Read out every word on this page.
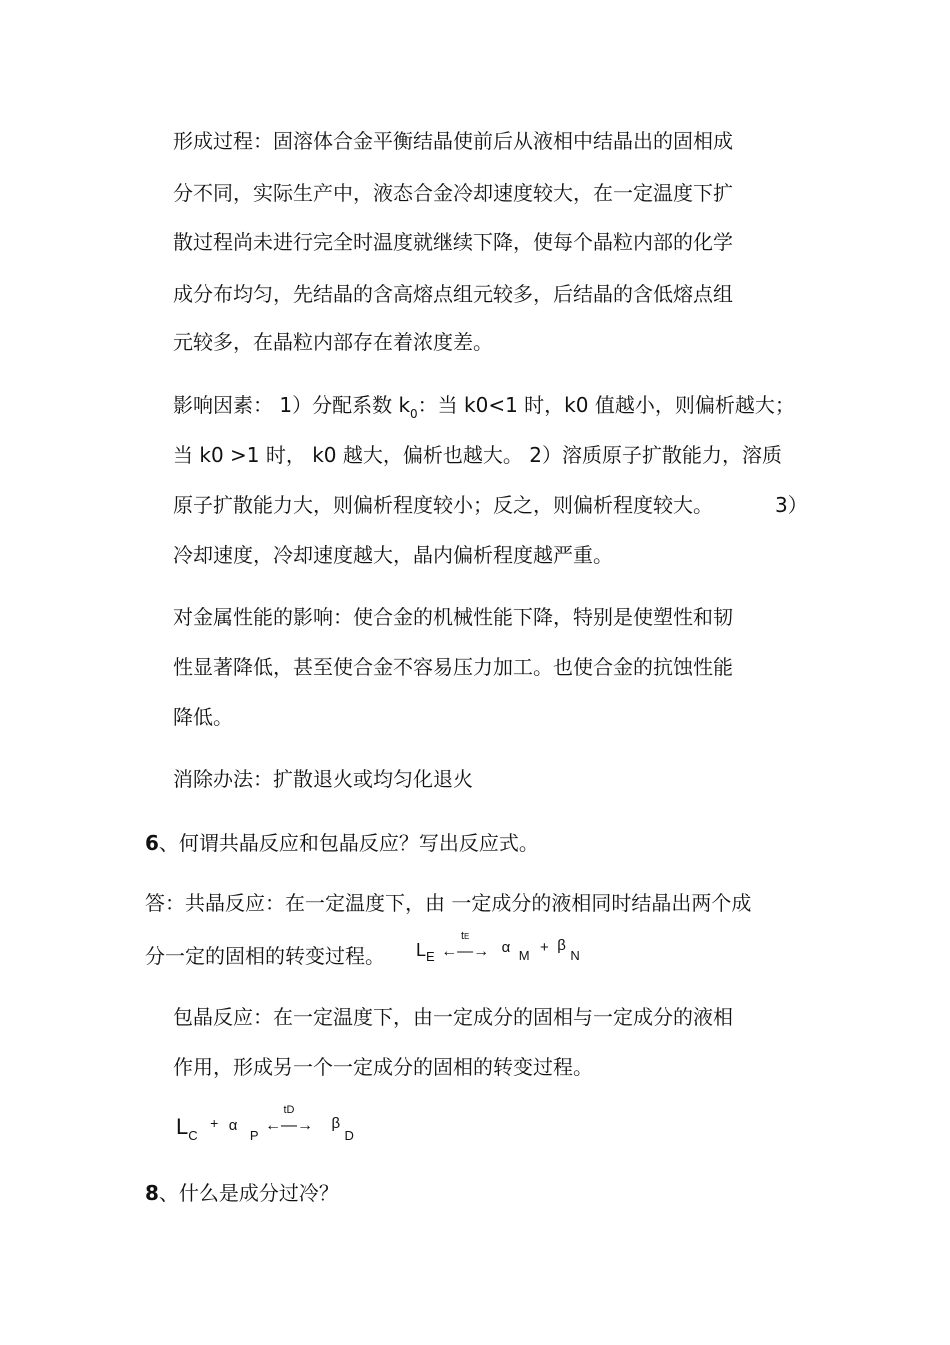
形成过程：固溶体合金平衡结晶使前后从液相中结晶出的固相成
分不同，实际生产中，液态合金冷却速度较大，在一定温度下扩
散过程尚未进行完全时温度就继续下降，使每个晶粒内部的化学
成分布均匀，先结晶的含高熔点组元较多，后结晶的含低熔点组
元较多，在晶粒内部存在着浓度差。
影响因素： 1）分配系数 $k_0$：当 k0<1 时，k0 值越小，则偏析越大；
当 k0 >1 时， k0 越大，偏析也越大。 2）溶质原子扩散能力，溶质
原子扩散能力大，则偏析程度较小；反之，则偏析程度较大。	3）
冷却速度，冷却速度越大，晶内偏析程度越严重。
对金属性能的影响：使合金的机械性能下降，特别是使塑性和韧
性显著降低，甚至使合金不容易压力加工。也使合金的抗蚀性能
降低。
消除办法：扩散退火或均匀化退火
6、何谓共晶反应和包晶反应？写出反应式。
答：共晶反应：在一定温度下，由 一定成分的液相同时结晶出两个成
分一定的固相的转变过程。 $L_E$
tE
←—→ α $_M$ + β $_N$
包晶反应：在一定温度下，由一定成分的固相与一定成分的液相
作用，形成另一个一定成分的固相的转变过程。
$L_C + \alpha$ $_P$
tD
←—→ β $_D$
8、什么是成分过冷？
